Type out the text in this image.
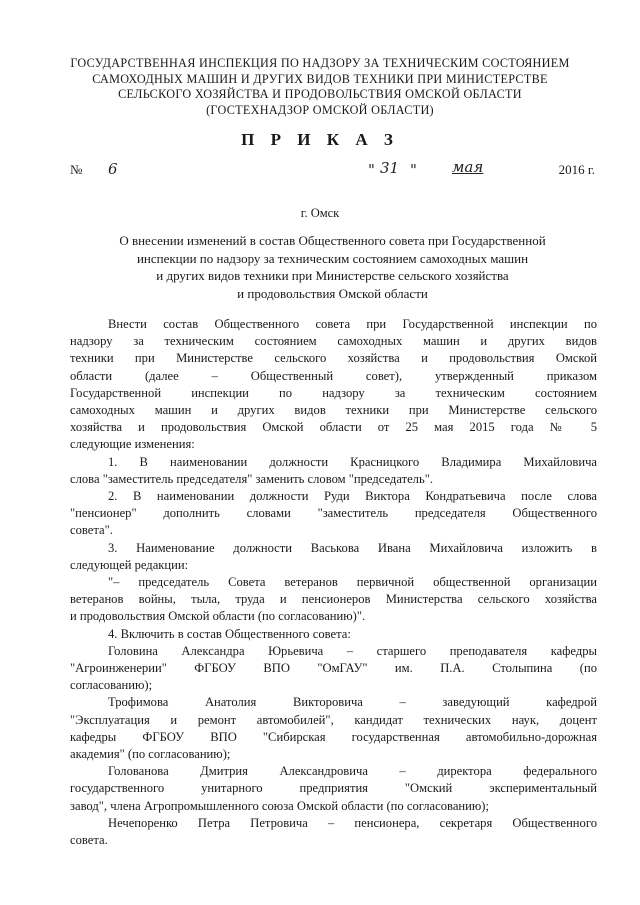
ГОСУДАРСТВЕННАЯ ИНСПЕКЦИЯ ПО НАДЗОРУ ЗА ТЕХНИЧЕСКИМ СОСТОЯНИЕМ
САМОХОДНЫХ МАШИН И ДРУГИХ ВИДОВ ТЕХНИКИ ПРИ МИНИСТЕРСТВЕ
СЕЛЬСКОГО ХОЗЯЙСТВА И ПРОДОВОЛЬСТВИЯ ОМСКОЙ ОБЛАСТИ
(ГОСТЕХНАДЗОР ОМСКОЙ ОБЛАСТИ)
П Р И К А З
№ 6	" 31 " мая	2016 г.
г. Омск
О внесении изменений в состав Общественного совета при Государственной
инспекции по надзору за техническим состоянием самоходных машин
и других видов техники при Министерстве сельского хозяйства
и продовольствия Омской области

Внести состав Общественного совета при Государственной инспекции по
надзору за техническим состоянием самоходных машин и других видов
техники при Министерстве сельского хозяйства и продовольствия Омской
области (далее – Общественный совет), утвержденный приказом
Государственной инспекции по надзору за техническим состоянием
самоходных машин и других видов техники при Министерстве сельского
хозяйства и продовольствия Омской области от 25 мая 2015 года № 5
следующие изменения:

1. В наименовании должности Красницкого Владимира Михайловича
слова "заместитель председателя" заменить словом "председатель".

2. В наименовании должности Руди Виктора Кондратьевича после слова
"пенсионер" дополнить словами "заместитель председателя Общественного
совета".

3. Наименование должности Васькова Ивана Михайловича изложить в
следующей редакции:

"– председатель Совета ветеранов первичной общественной организации
ветеранов войны, тыла, труда и пенсионеров Министерства сельского хозяйства
и продовольствия Омской области (по согласованию)".

4. Включить в состав Общественного совета:

Головина Александра Юрьевича – старшего преподавателя кафедры
"Агроинженерии" ФГБОУ ВПО "ОмГАУ" им. П.А. Столыпина (по
согласованию);

Трофимова Анатолия Викторовича – заведующий кафедрой
"Эксплуатация и ремонт автомобилей", кандидат технических наук, доцент
кафедры ФГБОУ ВПО "Сибирская государственная автомобильно-дорожная
академия" (по согласованию);

Голованова Дмитрия Александровича – директора федерального
государственного унитарного предприятия "Омский экспериментальный
завод", члена Агропромышленного союза Омской области (по согласованию);

Нечепоренко Петра Петровича – пенсионера, секретаря Общественного
совета.
